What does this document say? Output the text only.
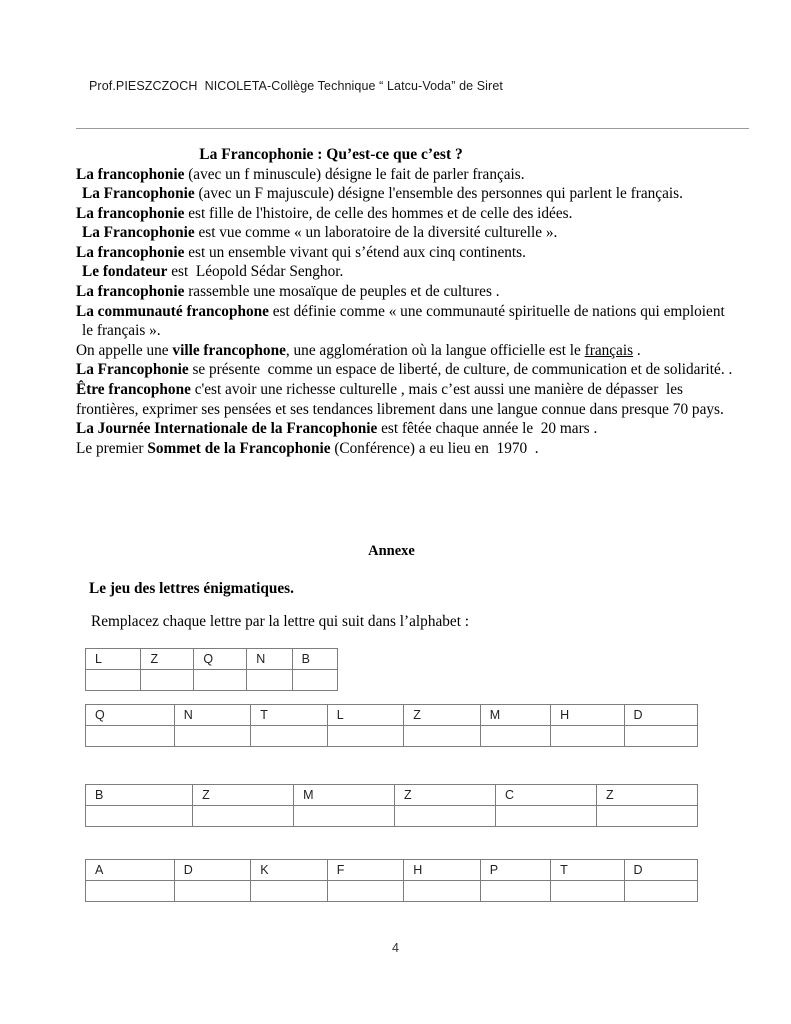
Prof.PIESZCZOCH  NICOLETA-Collège Technique “ Latcu-Voda” de Siret
La Francophonie : Qu’est-ce que c’est ?
La francophonie (avec un f minuscule) désigne le fait de parler français.
La Francophonie (avec un F majuscule) désigne l'ensemble des personnes qui parlent le français.
La francophonie est fille de l'histoire, de celle des hommes et de celle des idées.
La Francophonie est vue comme « un laboratoire de la diversité culturelle ».
La francophonie est un ensemble vivant qui s’étend aux cinq continents.
Le fondateur est  Léopold Sédar Senghor.
La francophonie rassemble une mosaïque de peuples et de cultures .
La communauté francophone est définie comme « une communauté spirituelle de nations qui emploient
le français ».
On appelle une ville francophone, une agglomération où la langue officielle est le français .
La Francophonie se présente  comme un espace de liberté, de culture, de communication et de solidarité. .
Être francophone c'est avoir une richesse culturelle , mais c’est aussi une manière de dépasser  les
frontières, exprimer ses pensées et ses tendances librement dans une langue connue dans presque 70 pays.
La Journée Internationale de la Francophonie est fêtée chaque année le  20 mars .
Le premier Sommet de la Francophonie (Conférence) a eu lieu en  1970  .
Annexe
Le jeu des lettres énigmatiques.
Remplacez chaque lettre par la lettre qui suit dans l’alphabet :
L	Z	Q	N	B

Q	N	T	L	Z	M	H	D

B	Z	M	Z	C	Z

A	D	K	F	H	P	T	D

4
